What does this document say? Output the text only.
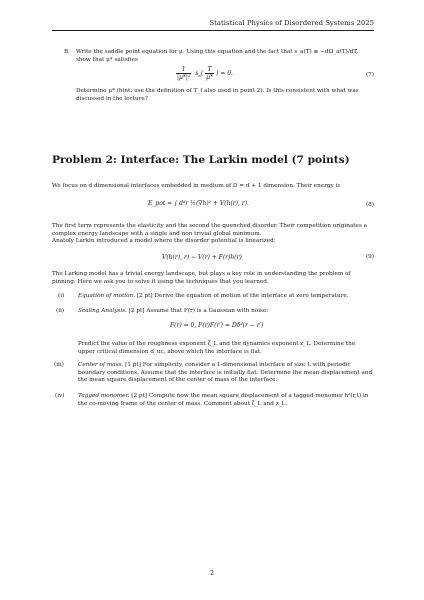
Statistical Physics of Disordered Systems 2025
B. Write the saddle point equation for μ. Using this equation and the fact that s_a(T) ≡ −dΩ_a(T)/dT, show that μ* satisfies
$\frac{1}{\text{|μ*|²}} s_a( \frac{T}{\mu*}$ ) = 0.	(7)
Determine μ* (hint: use the definition of T_f also used in point 2). Is this consistent with what was discussed in the lecture?
Problem 2: Interface: The Larkin model (7 points)
We focus on d dimensional interfaces embedded in medium of D = d + 1 dimension. Their energy is
E_pot = ∫ dᵈr ½(∇h)² + V(h(r), r).	(8)
The first term represents the elasticity and the second the quenched disorder. Their competition originates a complex energy landscape with a single and non trivial global minimum.
Anatoly Larkin introduced a model where the disorder potential is linearized:
V(h(r), r) ∼ V(r) + F(r)h(r)	(9)
The Larking model has a trivial energy landscape, but plays a key role in understanding the problem of pinning. Here we ask you to solve it using the techniques that you learned.
(i) Equation of motion. [2 pt] Derive the equation of motion of the interface at zero temperature.
(ii) Scaling Analysis. [2 pt] Assume that F(r) is a Gaussian with noise:
F(r) = 0, F(r)F(r′) = Dδᵈ(r − r′)
Predict the value of the roughness exponent ζ_L and the dynamics exponent z_L. Determine the upper critical dimension d_uc, above which the interface is flat.
(iii) Center of mass. [1 pt] For simplicity, consider a 1-dimensional interface of size L with periodic boundary conditions. Assume that the interface is initially flat. Determine the mean displacement and the mean square displacement of the center of mass of the interface.
(iv) Tagged monomer. [2 pt] Compute now the mean square displacement of a tagged monomer h²(r,t) in the co-moving frame of the center of mass. Comment about ζ_L and z_L.
2
